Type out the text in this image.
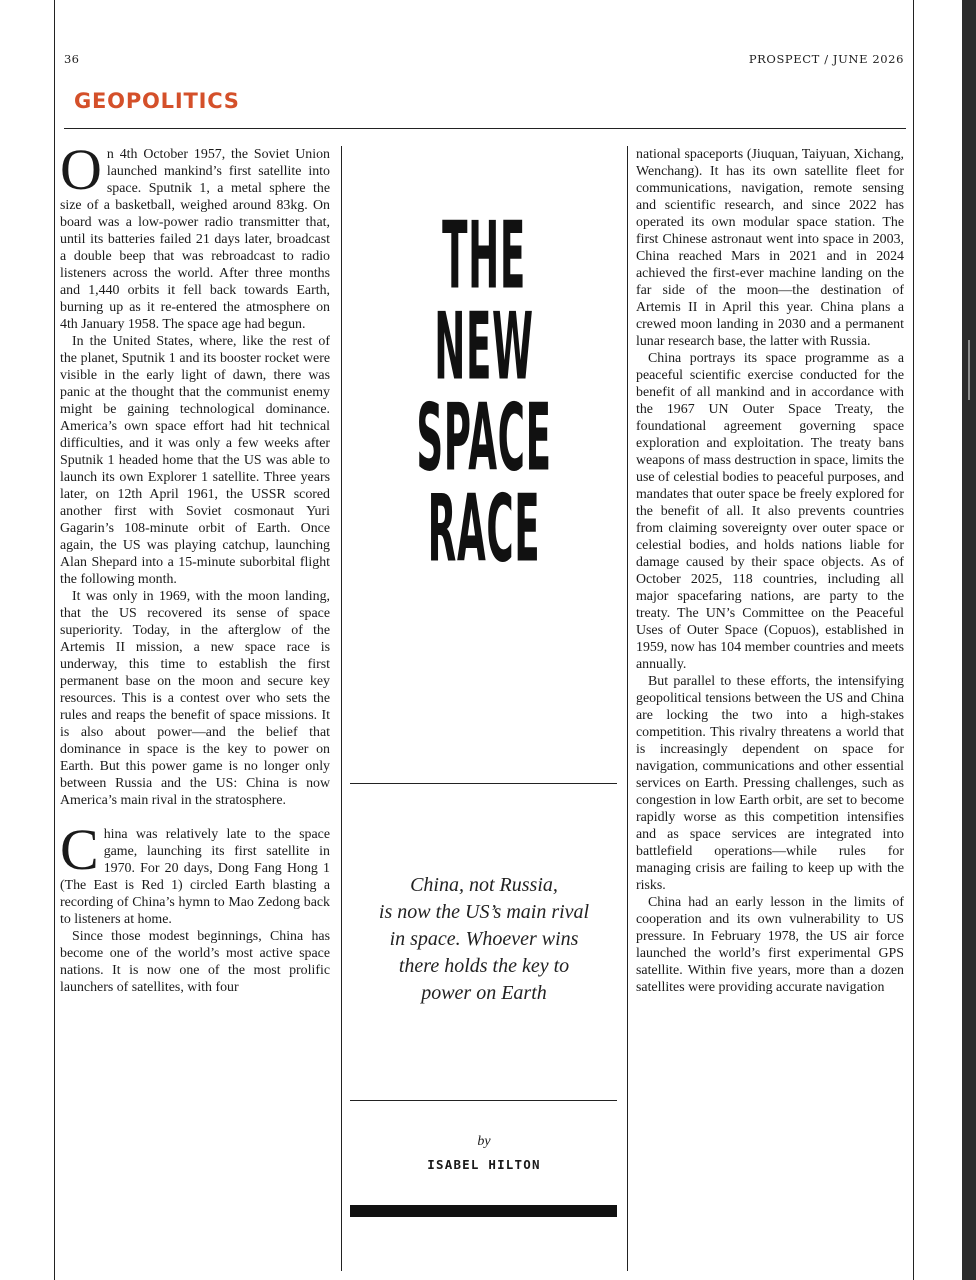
36	PROSPECT / JUNE 2026
GEOPOLITICS

On 4th October 1957, the Soviet Union launched mankind’s first satellite into space. Sputnik 1, a metal sphere the size of a basketball, weighed around 83kg. On board was a low-power radio transmitter that, until its batteries failed 21 days later, broadcast a double beep that was rebroadcast to radio listeners across the world. After three months and 1,440 orbits it fell back towards Earth, burning up as it re-entered the atmosphere on 4th January 1958. The space age had begun.

In the United States, where, like the rest of the planet, Sputnik 1 and its booster rocket were visible in the early light of dawn, there was panic at the thought that the communist enemy might be gaining technological dominance. America’s own space effort had hit technical difficulties, and it was only a few weeks after Sputnik 1 headed home that the US was able to launch its own Explorer 1 satellite. Three years later, on 12th April 1961, the USSR scored another first with Soviet cosmonaut Yuri Gagarin’s 108-minute orbit of Earth. Once again, the US was playing catchup, launching Alan Shepard into a 15-minute suborbital flight the following month.

It was only in 1969, with the moon landing, that the US recovered its sense of space superiority. Today, in the afterglow of the Artemis II mission, a new space race is underway, this time to establish the first permanent base on the moon and secure key resources. This is a contest over who sets the rules and reaps the benefit of space missions. It is also about power—and the belief that dominance in space is the key to power on Earth. But this power game is no longer only between Russia and the US: China is now America’s main rival in the stratosphere.

China was relatively late to the space game, launching its first satellite in 1970. For 20 days, Dong Fang Hong 1 (The East is Red 1) circled Earth blasting a recording of China’s hymn to Mao Zedong back to listeners at home.

Since those modest beginnings, China has become one of the world’s most active space nations. It is now one of the most prolific launchers of satellites, with four

THE
NEW
SPACE
RACE
China, not Russia,
is now the US’s main rival
in space. Whoever wins
there holds the key to
power on Earth
by
ISABEL HILTON

national spaceports (Jiuquan, Taiyuan, Xichang, Wenchang). It has its own satellite fleet for communications, navigation, remote sensing and scientific research, and since 2022 has operated its own modular space station. The first Chinese astronaut went into space in 2003, China reached Mars in 2021 and in 2024 achieved the first-ever machine landing on the far side of the moon—the destination of Artemis II in April this year. China plans a crewed moon landing in 2030 and a permanent lunar research base, the latter with Russia.

China portrays its space programme as a peaceful scientific exercise conducted for the benefit of all mankind and in accordance with the 1967 UN Outer Space Treaty, the foundational agreement governing space exploration and exploitation. The treaty bans weapons of mass destruction in space, limits the use of celestial bodies to peaceful purposes, and mandates that outer space be freely explored for the benefit of all. It also prevents countries from claiming sovereignty over outer space or celestial bodies, and holds nations liable for damage caused by their space objects. As of October 2025, 118 countries, including all major spacefaring nations, are party to the treaty. The UN’s Committee on the Peaceful Uses of Outer Space (Copuos), established in 1959, now has 104 member countries and meets annually.

But parallel to these efforts, the intensifying geopolitical tensions between the US and China are locking the two into a high-stakes competition. This rivalry threatens a world that is increasingly dependent on space for navigation, communications and other essential services on Earth. Pressing challenges, such as congestion in low Earth orbit, are set to become rapidly worse as this competition intensifies and as space services are integrated into battlefield operations—while rules for managing crisis are failing to keep up with the risks.

China had an early lesson in the limits of cooperation and its own vulnerability to US pressure. In February 1978, the US air force launched the world’s first experimental GPS satellite. Within five years, more than a dozen satellites were providing accurate navigation
